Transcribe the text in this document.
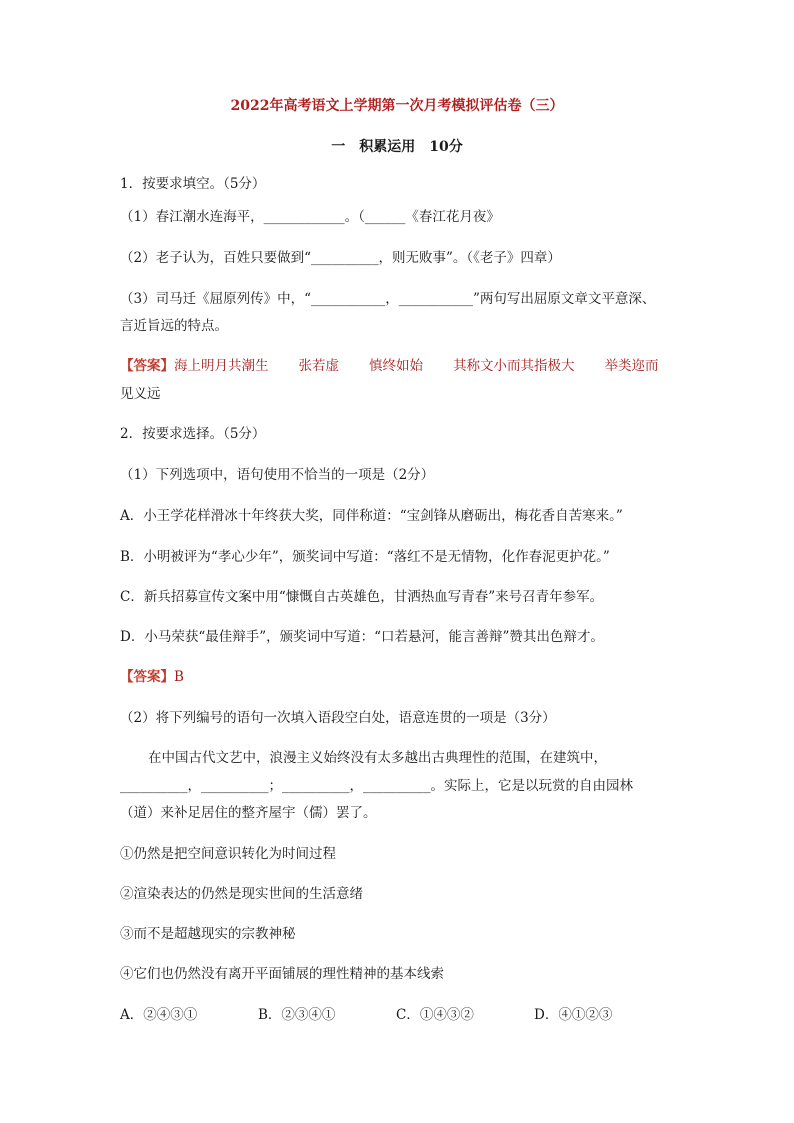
2022年高考语文上学期第一次月考模拟评估卷（三）
一　积累运用　10分
1．按要求填空。（5分）
（1）春江潮水连海平，____________。（______《春江花月夜》
（2）老子认为，百姓只要做到“__________，则无败事”。（《老子》四章）
（3）司马迁《屈原列传》中，“___________，___________”两句写出屈原文章文平意深、
言近旨远的特点。
【答案】海上明月共潮生 张若虚 慎终如始 其称文小而其指极大 举类迩而
见义远
2．按要求选择。（5分）
（1）下列选项中，语句使用不恰当的一项是（2分）
A．小王学花样滑冰十年终获大奖，同伴称道：“宝剑锋从磨砺出，梅花香自苦寒来。”
B．小明被评为“孝心少年”，颁奖词中写道：“落红不是无情物，化作春泥更护花。”
C．新兵招募宣传文案中用“慷慨自古英雄色，甘洒热血写青春”来号召青年参军。
D．小马荣获“最佳辩手”，颁奖词中写道：“口若悬河，能言善辩”赞其出色辩才。
【答案】B
（2）将下列编号的语句一次填入语段空白处，语意连贯的一项是（3分）
在中国古代文艺中，浪漫主义始终没有太多越出古典理性的范围，在建筑中，
__________，__________；__________，__________。实际上，它是以玩赏的自由园林
（道）来补足居住的整齐屋宇（儒）罢了。
①仍然是把空间意识转化为时间过程
②渲染表达的仍然是现实世间的生活意绪
③而不是超越现实的宗教神秘
④它们也仍然没有离开平面铺展的理性精神的基本线索
A．②④③①	B．②③④①	C．①④③②	D．④①②③
